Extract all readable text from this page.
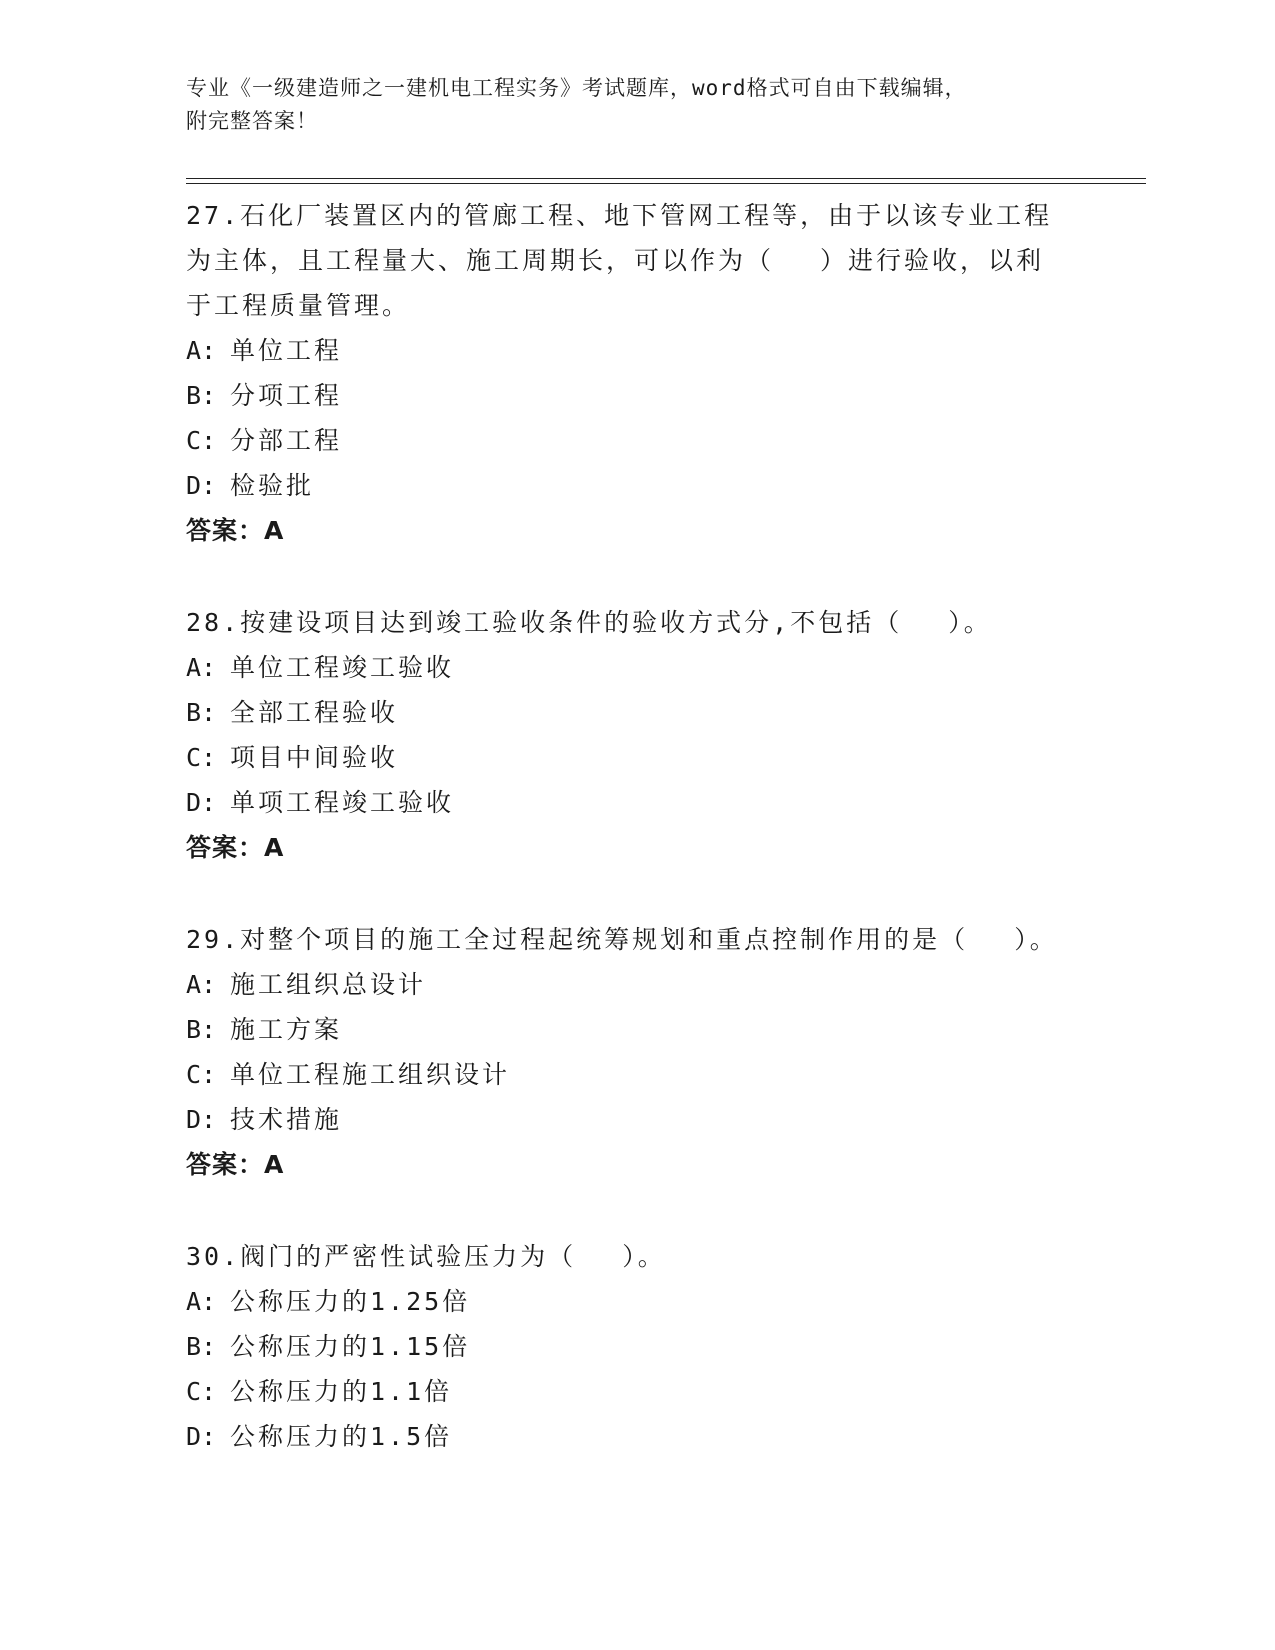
专业《一级建造师之一建机电工程实务》考试题库，word格式可自由下载编辑，
附完整答案！

27.石化厂装置区内的管廊工程、地下管网工程等，由于以该专业工程

为主体，且工程量大、施工周期长，可以作为（　 ）进行验收，以利

于工程质量管理。

A: 单位工程

B: 分项工程

C: 分部工程

D: 检验批

答案：A

28.按建设项目达到竣工验收条件的验收方式分,不包括（　 ）。

A: 单位工程竣工验收

B: 全部工程验收

C: 项目中间验收

D: 单项工程竣工验收

答案：A

29.对整个项目的施工全过程起统筹规划和重点控制作用的是（　 ）。

A: 施工组织总设计

B: 施工方案

C: 单位工程施工组织设计

D: 技术措施

答案：A

30.阀门的严密性试验压力为（　 ）。

A: 公称压力的1.25倍

B: 公称压力的1.15倍

C: 公称压力的1.1倍

D: 公称压力的1.5倍
